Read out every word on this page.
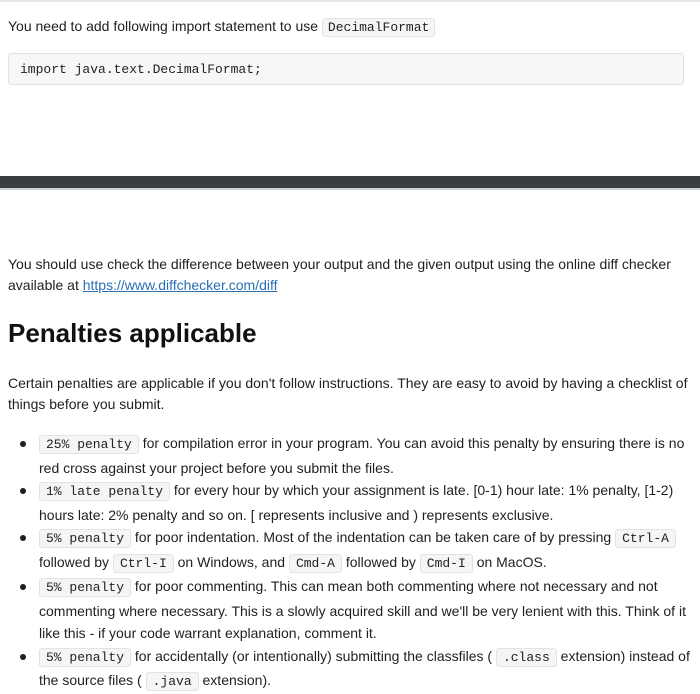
You need to add following import statement to use DecimalFormat

import java.text.DecimalFormat;

You should use check the difference between your output and the given output using the online diff checker available at https://www.diffchecker.com/diff

Penalties applicable

Certain penalties are applicable if you don't follow instructions. They are easy to avoid by having a checklist of things before you submit.

25% penalty for compilation error in your program. You can avoid this penalty by ensuring there is no red cross against your project before you submit the files.
1% late penalty for every hour by which your assignment is late. [0-1) hour late: 1% penalty, [1-2) hours late: 2% penalty and so on. [ represents inclusive and ) represents exclusive.
5% penalty for poor indentation. Most of the indentation can be taken care of by pressing Ctrl-A followed by Ctrl-I on Windows, and Cmd-A followed by Cmd-I on MacOS.
5% penalty for poor commenting. This can mean both commenting where not necessary and not commenting where necessary. This is a slowly acquired skill and we'll be very lenient with this. Think of it like this - if your code warrant explanation, comment it.
5% penalty for accidentally (or intentionally) submitting the classfiles ( .class extension) instead of the source files ( .java extension).
